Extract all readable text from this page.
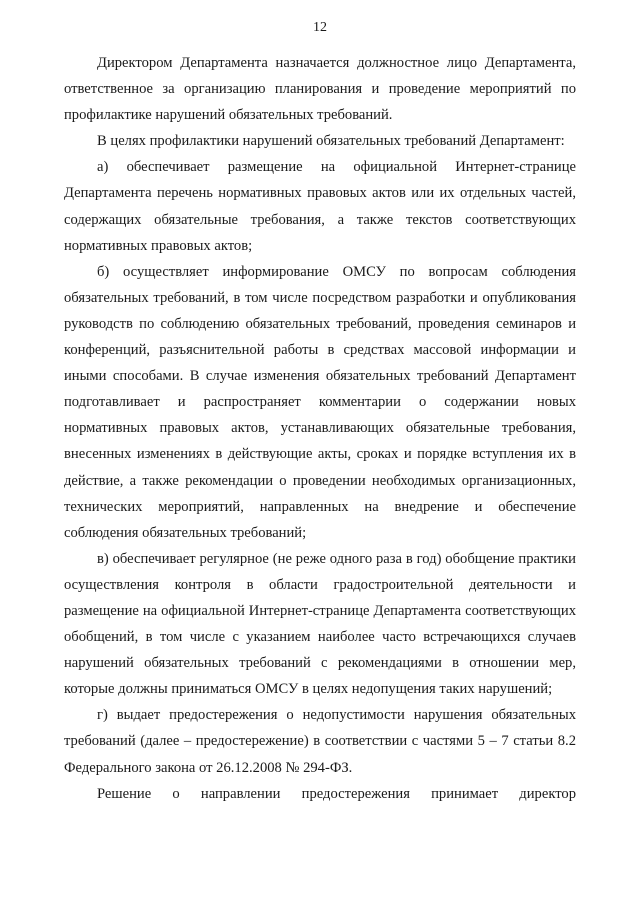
12

Директором Департамента назначается должностное лицо Департамента, ответственное за организацию планирования и проведение мероприятий по профилактике нарушений обязательных требований.

В целях профилактики нарушений обязательных требований Департамент:

а) обеспечивает размещение на официальной Интернет-странице Департамента перечень нормативных правовых актов или их отдельных частей, содержащих обязательные требования, а также текстов соответствующих нормативных правовых актов;

б) осуществляет информирование ОМСУ по вопросам соблюдения обязательных требований, в том числе посредством разработки и опубликования руководств по соблюдению обязательных требований, проведения семинаров и конференций, разъяснительной работы в средствах массовой информации и иными способами. В случае изменения обязательных требований Департамент подготавливает и распространяет комментарии о содержании новых нормативных правовых актов, устанавливающих обязательные требования, внесенных изменениях в действующие акты, сроках и порядке вступления их в действие, а также рекомендации о проведении необходимых организационных, технических мероприятий, направленных на внедрение и обеспечение соблюдения обязательных требований;

в) обеспечивает регулярное (не реже одного раза в год) обобщение практики осуществления контроля в области градостроительной деятельности и размещение на официальной Интернет-странице Департамента соответствующих обобщений, в том числе с указанием наиболее часто встречающихся случаев нарушений обязательных требований с рекомендациями в отношении мер, которые должны приниматься ОМСУ в целях недопущения таких нарушений;

г) выдает предостережения о недопустимости нарушения обязательных требований (далее – предостережение) в соответствии с частями 5 – 7 статьи 8.2 Федерального закона от 26.12.2008 № 294-ФЗ.

Решение о направлении предостережения принимает директор
